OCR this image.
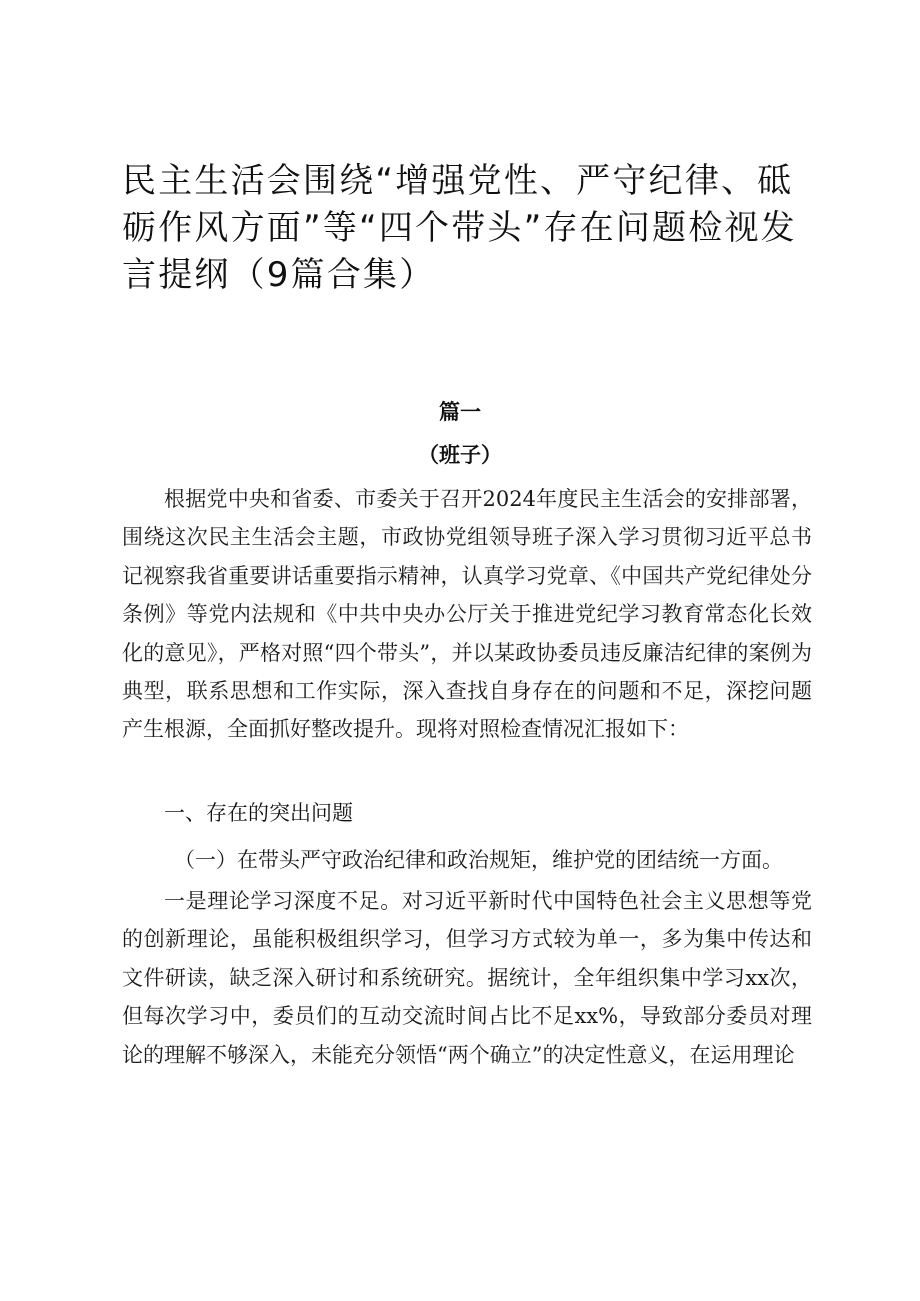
民主生活会围绕“增强党性、严守纪律、砥砺作风方面”等“四个带头”存在问题检视发言提纲（9篇合集）
篇一
（班子）

根据党中央和省委、市委关于召开2024年度民主生活会的安排部署，围绕这次民主生活会主题，市政协党组领导班子深入学习贯彻习近平总书记视察我省重要讲话重要指示精神，认真学习党章、《中国共产党纪律处分条例》等党内法规和《中共中央办公厅关于推进党纪学习教育常态化长效化的意见》，严格对照“四个带头”，并以某政协委员违反廉洁纪律的案例为典型，联系思想和工作实际，深入查找自身存在的问题和不足，深挖问题产生根源，全面抓好整改提升。现将对照检查情况汇报如下：

一、存在的突出问题
（一）在带头严守政治纪律和政治规矩，维护党的团结统一方面。

一是理论学习深度不足。对习近平新时代中国特色社会主义思想等党的创新理论，虽能积极组织学习，但学习方式较为单一，多为集中传达和文件研读，缺乏深入研讨和系统研究。据统计，全年组织集中学习xx次，但每次学习中，委员们的互动交流时间占比不足xx%，导致部分委员对理论的理解不够深入，未能充分领悟“两个确立”的决定性意义，在运用理论
